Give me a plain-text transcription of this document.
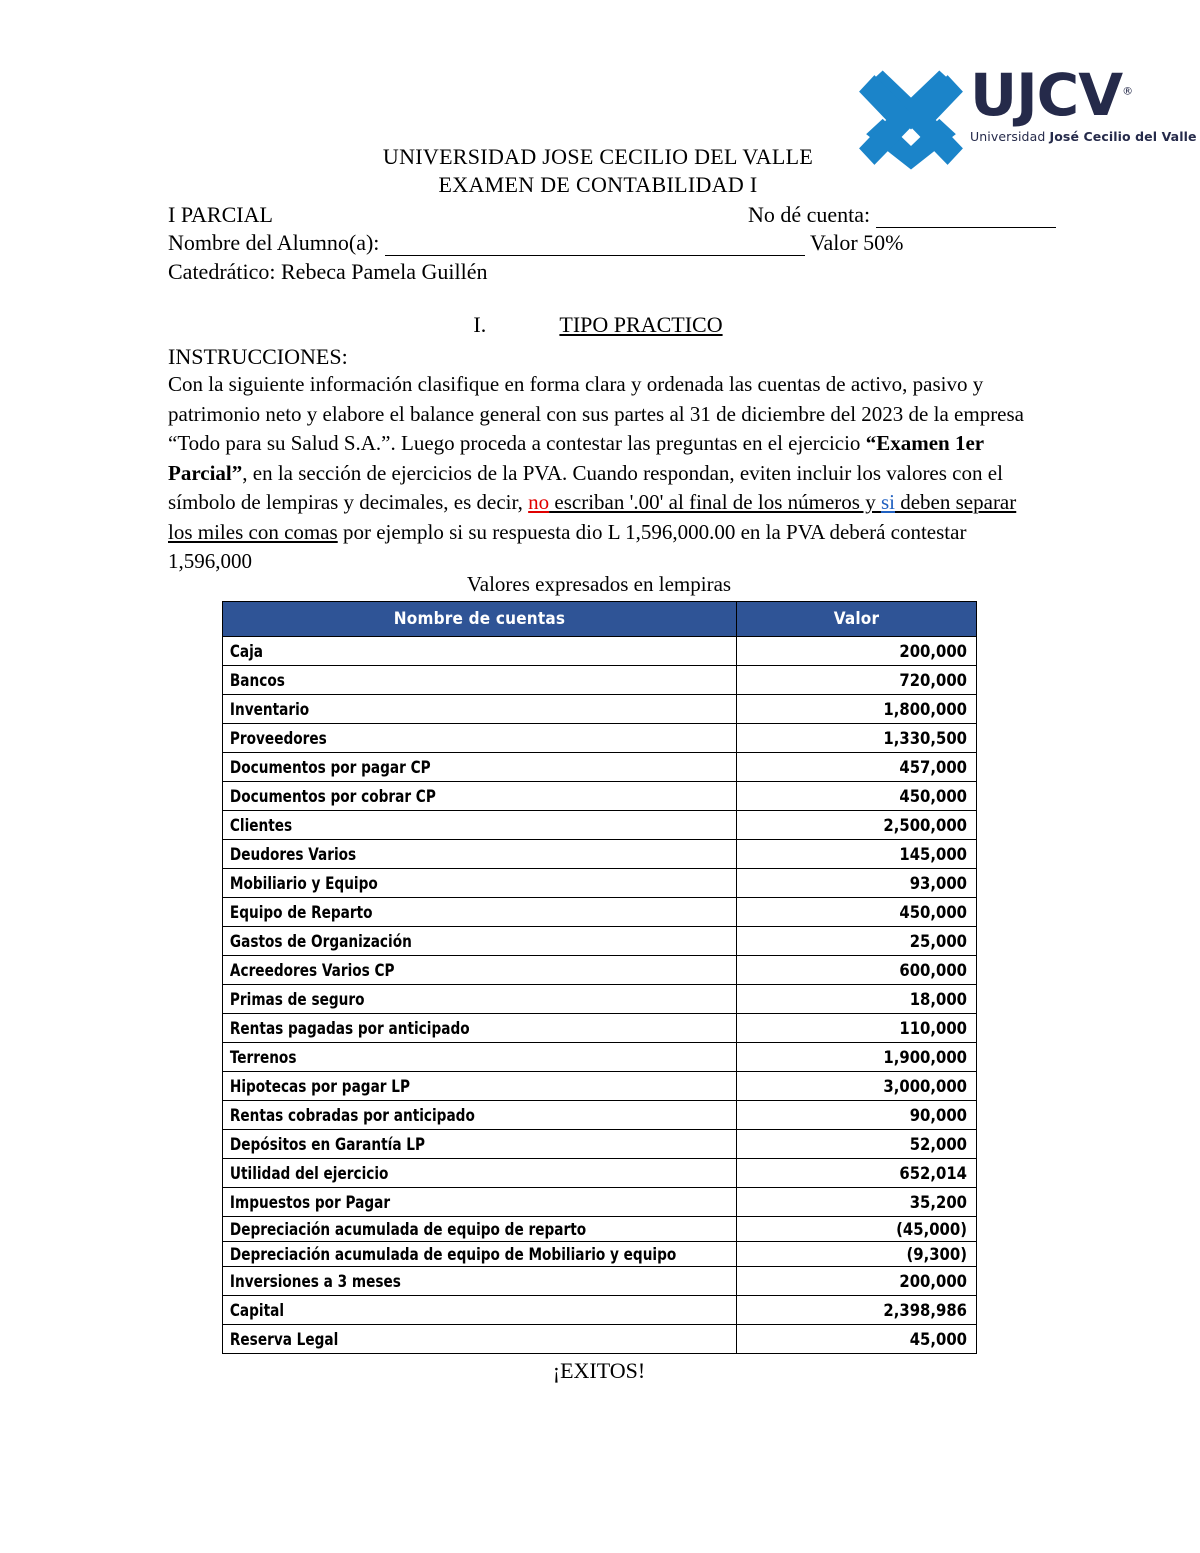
UJCV®
Universidad José Cecilio del Valle
UNIVERSIDAD JOSE CECILIO DEL VALLE
EXAMEN DE CONTABILIDAD I
I PARCIAL	No dé cuenta:
Nombre del Alumno(a):	Valor 50%
Catedrático: Rebeca Pamela Guillén
I.	TIPO PRACTICO
INSTRUCCIONES:
Con la siguiente información clasifique en forma clara y ordenada las cuentas de activo, pasivo y patrimonio neto y elabore el balance general con sus partes al 31 de diciembre del 2023 de la empresa “Todo para su Salud S.A.”. Luego proceda a contestar las preguntas en el ejercicio “Examen 1er Parcial”, en la sección de ejercicios de la PVA. Cuando respondan, eviten incluir los valores con el símbolo de lempiras y decimales, es decir, no escriban '.00' al final de los números y si deben separar los miles con comas por ejemplo si su respuesta dio L 1,596,000.00 en la PVA deberá contestar 1,596,000
Valores expresados en lempiras
Nombre de cuentas	Valor
Caja	200,000
Bancos	720,000
Inventario	1,800,000
Proveedores	1,330,500
Documentos por pagar CP	457,000
Documentos por cobrar CP	450,000
Clientes	2,500,000
Deudores Varios	145,000
Mobiliario y Equipo	93,000
Equipo de Reparto	450,000
Gastos de Organización	25,000
Acreedores Varios CP	600,000
Primas de seguro	18,000
Rentas pagadas por anticipado	110,000
Terrenos	1,900,000
Hipotecas por pagar LP	3,000,000
Rentas cobradas por anticipado	90,000
Depósitos en Garantía LP	52,000
Utilidad del ejercicio	652,014
Impuestos por Pagar	35,200
Depreciación acumulada de equipo de reparto	(45,000)
Depreciación acumulada de equipo de Mobiliario y equipo	(9,300)
Inversiones a 3 meses	200,000
Capital	2,398,986
Reserva Legal	45,000
¡EXITOS!
